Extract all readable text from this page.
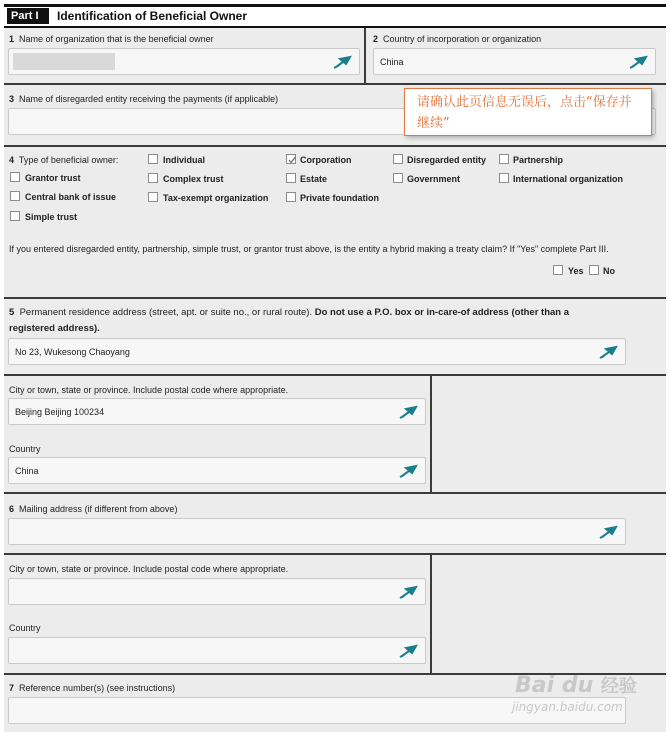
Part I	Identification of Beneficial Owner
1 Name of organization that is the beneficial owner	2 Country of incorporation or organization
China
3 Name of disregarded entity receiving the payments (if applicable)	请确认此页信息无误后，点击“保存并继续”
4 Type of beneficial owner:	Individual	Corporation	Disregarded entity	Partnership
Grantor trust	Complex trust	Estate	Government	International organization
Central bank of issue	Tax-exempt organization	Private foundation
Simple trust
If you entered disregarded entity, partnership, simple trust, or grantor trust above, is the entity a hybrid making a treaty claim? If "Yes" complete Part III.
Yes No
5 Permanent residence address (street, apt. or suite no., or rural route). Do not use a P.O. box or in-care-of address (other than a
registered address).
No 23, Wukesong Chaoyang
City or town, state or province. Include postal code where appropriate.
Beijing Beijing 100234
Country
China
6 Mailing address (if different from above)
City or town, state or province. Include postal code where appropriate.
Country
7 Reference number(s) (see instructions)	Bai du 经验
jingyan.baidu.com
